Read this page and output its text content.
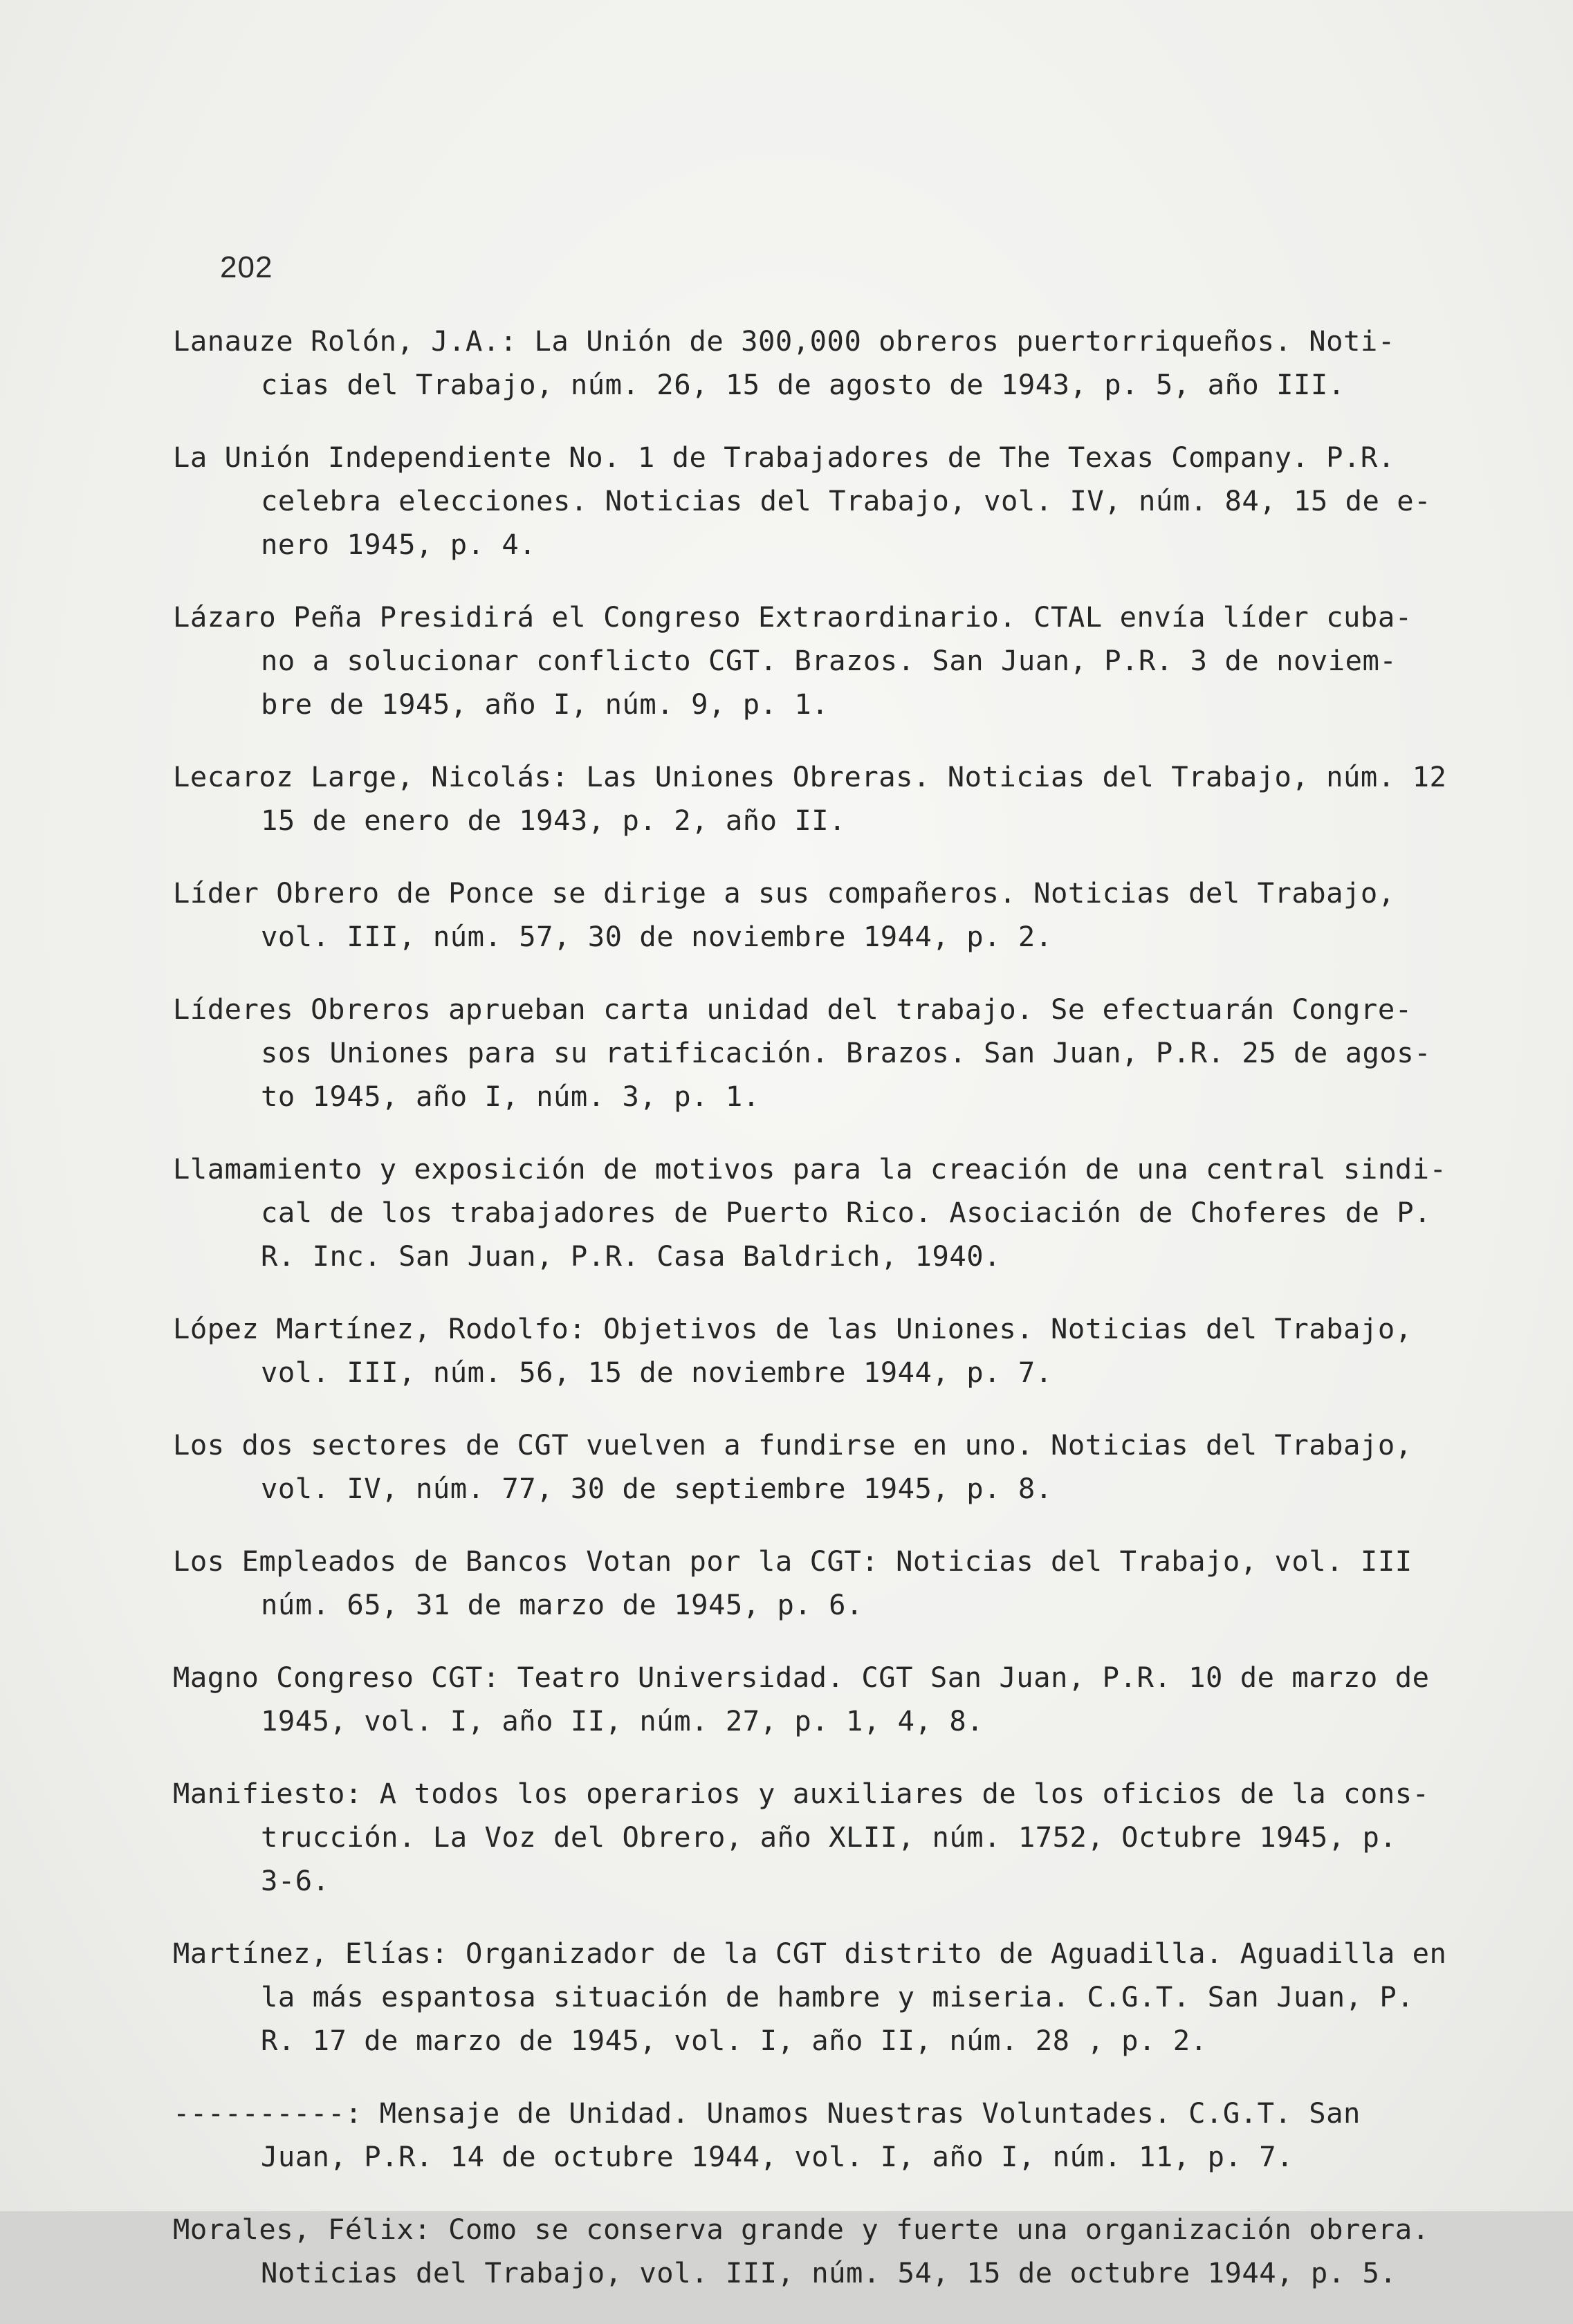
202
Lanauze Rolón, J.A.: La Unión de 300,000 obreros puertorriqueños. Noti-
cias del Trabajo, núm. 26, 15 de agosto de 1943, p. 5, año III.
La Unión Independiente No. 1 de Trabajadores de The Texas Company. P.R.
celebra elecciones. Noticias del Trabajo, vol. IV, núm. 84, 15 de e-
nero 1945, p. 4.
Lázaro Peña Presidirá el Congreso Extraordinario. CTAL envía líder cuba-
no a solucionar conflicto CGT. Brazos. San Juan, P.R. 3 de noviem-
bre de 1945, año I, núm. 9, p. 1.
Lecaroz Large, Nicolás: Las Uniones Obreras. Noticias del Trabajo, núm. 12
15 de enero de 1943, p. 2, año II.
Líder Obrero de Ponce se dirige a sus compañeros. Noticias del Trabajo,
vol. III, núm. 57, 30 de noviembre 1944, p. 2.
Líderes Obreros aprueban carta unidad del trabajo. Se efectuarán Congre-
sos Uniones para su ratificación. Brazos. San Juan, P.R. 25 de agos-
to 1945, año I, núm. 3, p. 1.
Llamamiento y exposición de motivos para la creación de una central sindi-
cal de los trabajadores de Puerto Rico. Asociación de Choferes de P.
R. Inc. San Juan, P.R. Casa Baldrich, 1940.
López Martínez, Rodolfo: Objetivos de las Uniones. Noticias del Trabajo,
vol. III, núm. 56, 15 de noviembre 1944, p. 7.
Los dos sectores de CGT vuelven a fundirse en uno. Noticias del Trabajo,
vol. IV, núm. 77, 30 de septiembre 1945, p. 8.
Los Empleados de Bancos Votan por la CGT: Noticias del Trabajo, vol. III
núm. 65, 31 de marzo de 1945, p. 6.
Magno Congreso CGT: Teatro Universidad. CGT San Juan, P.R. 10 de marzo de
1945, vol. I, año II, núm. 27, p. 1, 4, 8.
Manifiesto: A todos los operarios y auxiliares de los oficios de la cons-
trucción. La Voz del Obrero, año XLII, núm. 1752, Octubre 1945, p.
3-6.
Martínez, Elías: Organizador de la CGT distrito de Aguadilla. Aguadilla en
la más espantosa situación de hambre y miseria. C.G.T. San Juan, P.
R. 17 de marzo de 1945, vol. I, año II, núm. 28 , p. 2.
----------: Mensaje de Unidad. Unamos Nuestras Voluntades. C.G.T. San
Juan, P.R. 14 de octubre 1944, vol. I, año I, núm. 11, p. 7.
Morales, Félix: Como se conserva grande y fuerte una organización obrera.
Noticias del Trabajo, vol. III, núm. 54, 15 de octubre 1944, p. 5.
